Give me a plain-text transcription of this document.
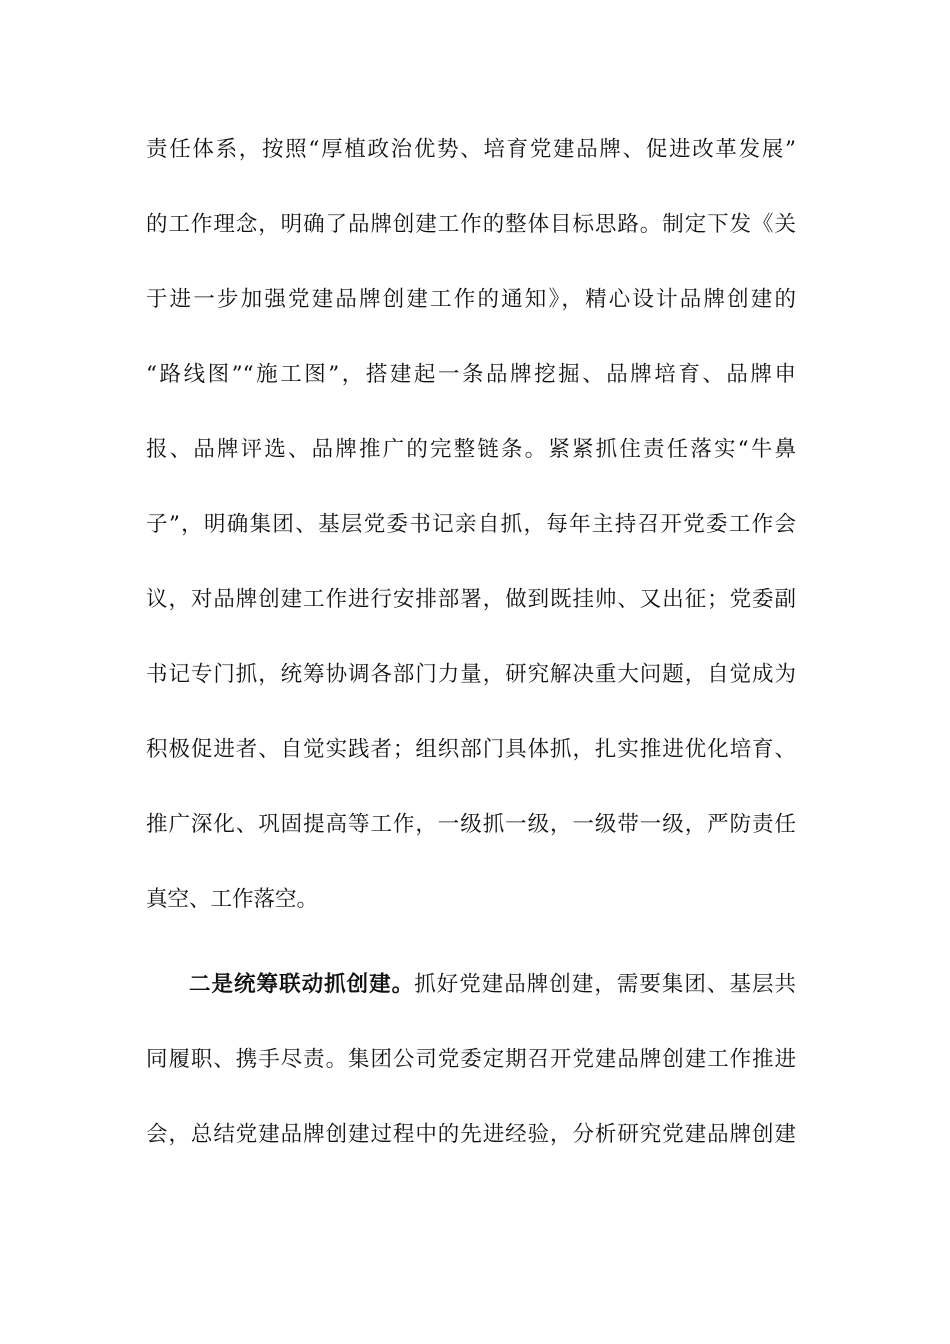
责任体系，按照“厚植政治优势、培育党建品牌、促进改革发展”
的工作理念，明确了品牌创建工作的整体目标思路。制定下发《关
于进一步加强党建品牌创建工作的通知》，精心设计品牌创建的
“路线图”“施工图”，搭建起一条品牌挖掘、品牌培育、品牌申
报、品牌评选、品牌推广的完整链条。紧紧抓住责任落实“牛鼻
子”，明确集团、基层党委书记亲自抓，每年主持召开党委工作会
议，对品牌创建工作进行安排部署，做到既挂帅、又出征；党委副
书记专门抓，统筹协调各部门力量，研究解决重大问题，自觉成为
积极促进者、自觉实践者；组织部门具体抓，扎实推进优化培育、
推广深化、巩固提高等工作，一级抓一级，一级带一级，严防责任
真空、工作落空。
二是统筹联动抓创建。抓好党建品牌创建，需要集团、基层共
同履职、携手尽责。集团公司党委定期召开党建品牌创建工作推进
会，总结党建品牌创建过程中的先进经验，分析研究党建品牌创建
